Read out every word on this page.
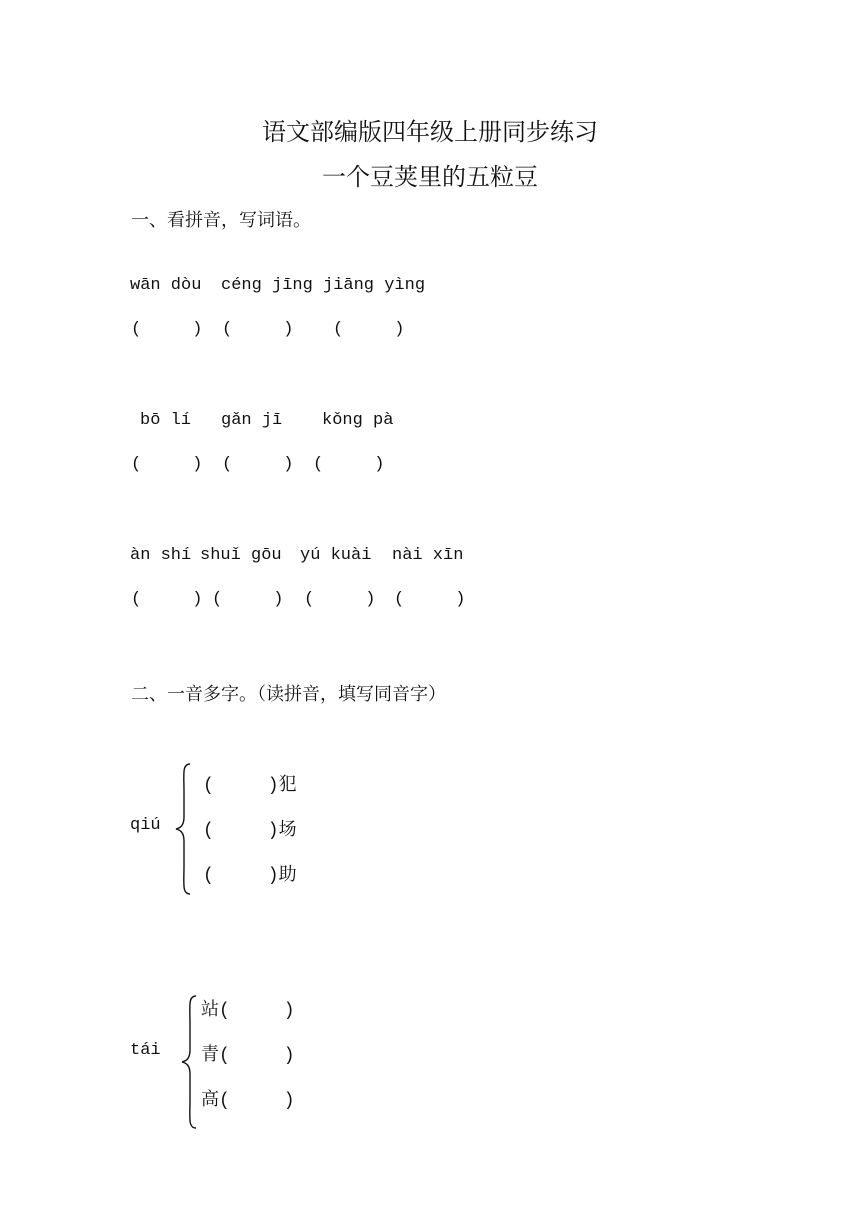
语文部编版四年级上册同步练习
一个豆荚里的五粒豆
一、看拼音，写词语。
wān dòu céng jīng jiāng yìng
(     ) (     ) (     )
bō lí gǎn jī kǒng pà
(     ) (     ) (     )
àn shí shuǐ gōu yú kuài nài xīn
(     ) (     ) (     ) (     )
二、一音多字。（读拼音，填写同音字）
qiú
(     )犯
(     )场
(     )助
tái
站(     )
青(     )
高(     )
